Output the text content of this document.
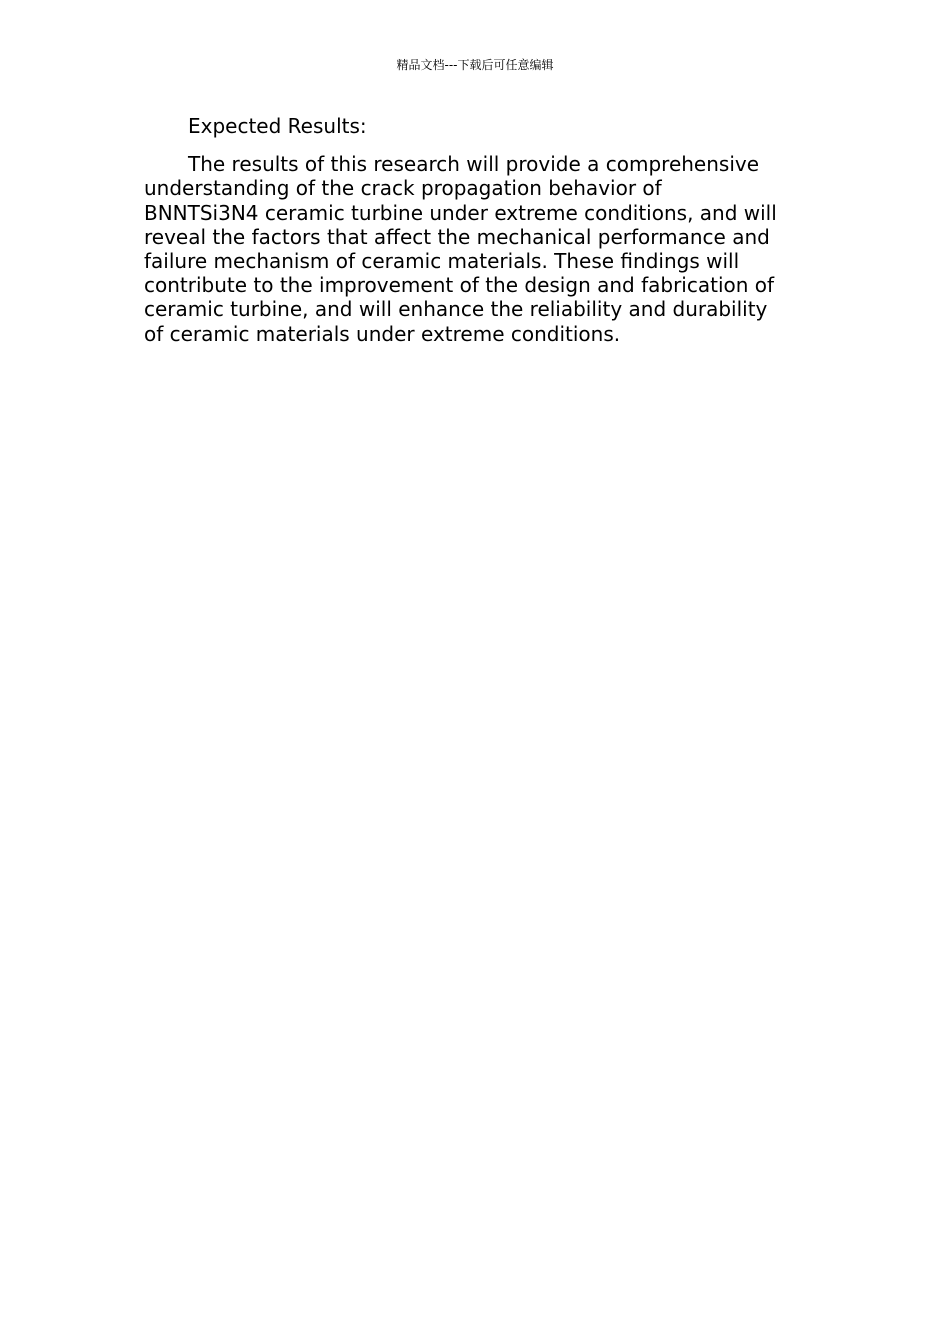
精品文档---下载后可任意编辑
Expected Results:
The results of this research will provide a comprehensive
understanding of the crack propagation behavior of
BNNTSi3N4 ceramic turbine under extreme conditions, and will
reveal the factors that affect the mechanical performance and
failure mechanism of ceramic materials. These findings will
contribute to the improvement of the design and fabrication of
ceramic turbine, and will enhance the reliability and durability
of ceramic materials under extreme conditions.
